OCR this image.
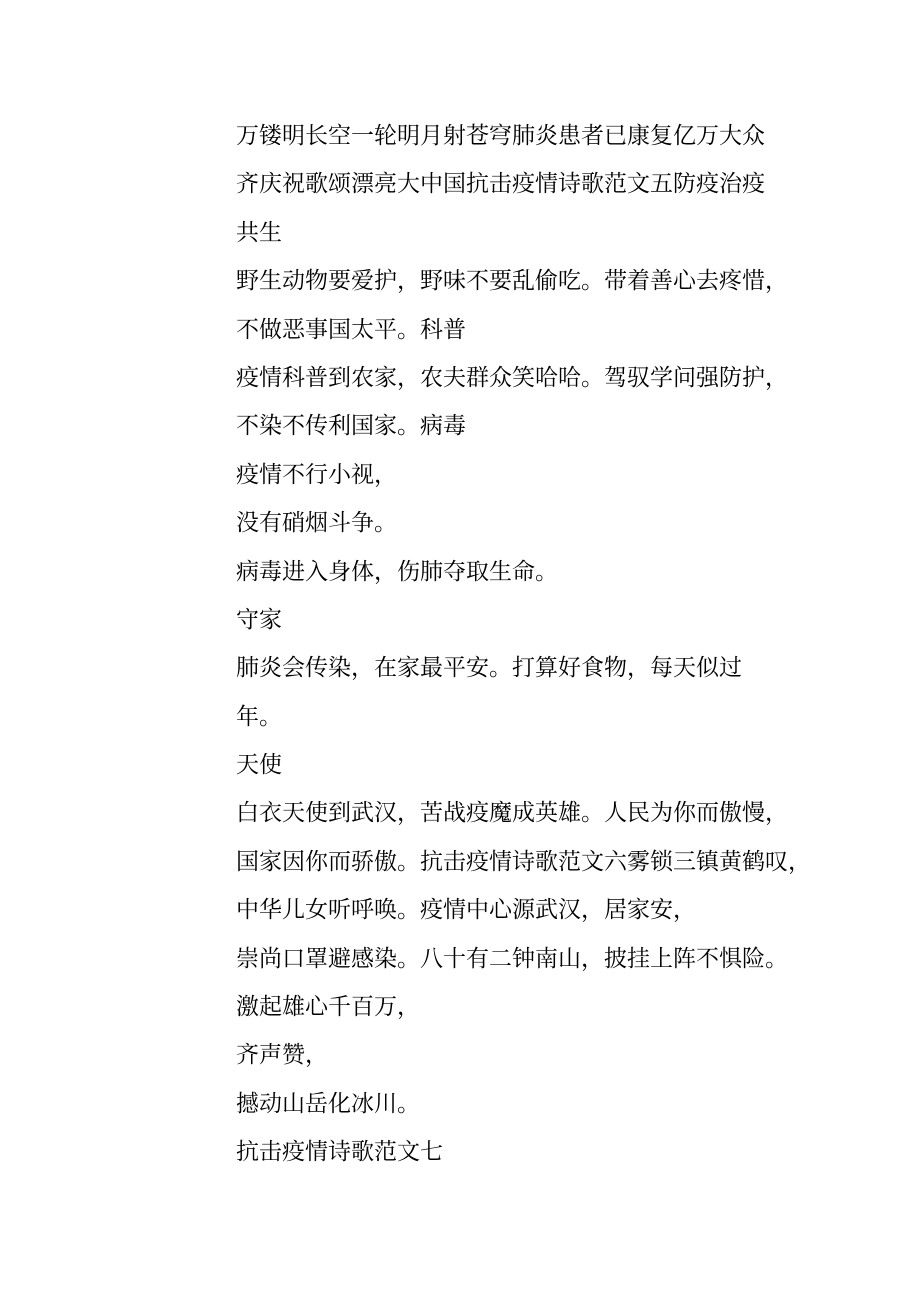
万镂明长空一轮明月射苍穹肺炎患者已康复亿万大众
齐庆祝歌颂漂亮大中国抗击疫情诗歌范文五防疫治疫
共生
野生动物要爱护，野味不要乱偷吃。带着善心去疼惜，
不做恶事国太平。科普
疫情科普到农家，农夫群众笑哈哈。驾驭学问强防护，
不染不传利国家。病毒
疫情不行小视，
没有硝烟斗争。
病毒进入身体，伤肺夺取生命。
守家
肺炎会传染，在家最平安。打算好食物，每天似过
年。
天使
白衣天使到武汉，苦战疫魔成英雄。人民为你而傲慢，
国家因你而骄傲。抗击疫情诗歌范文六雾锁三镇黄鹤叹，
中华儿女听呼唤。疫情中心源武汉，居家安，
崇尚口罩避感染。八十有二钟南山，披挂上阵不惧险。
激起雄心千百万，
齐声赞，
撼动山岳化冰川。
抗击疫情诗歌范文七
